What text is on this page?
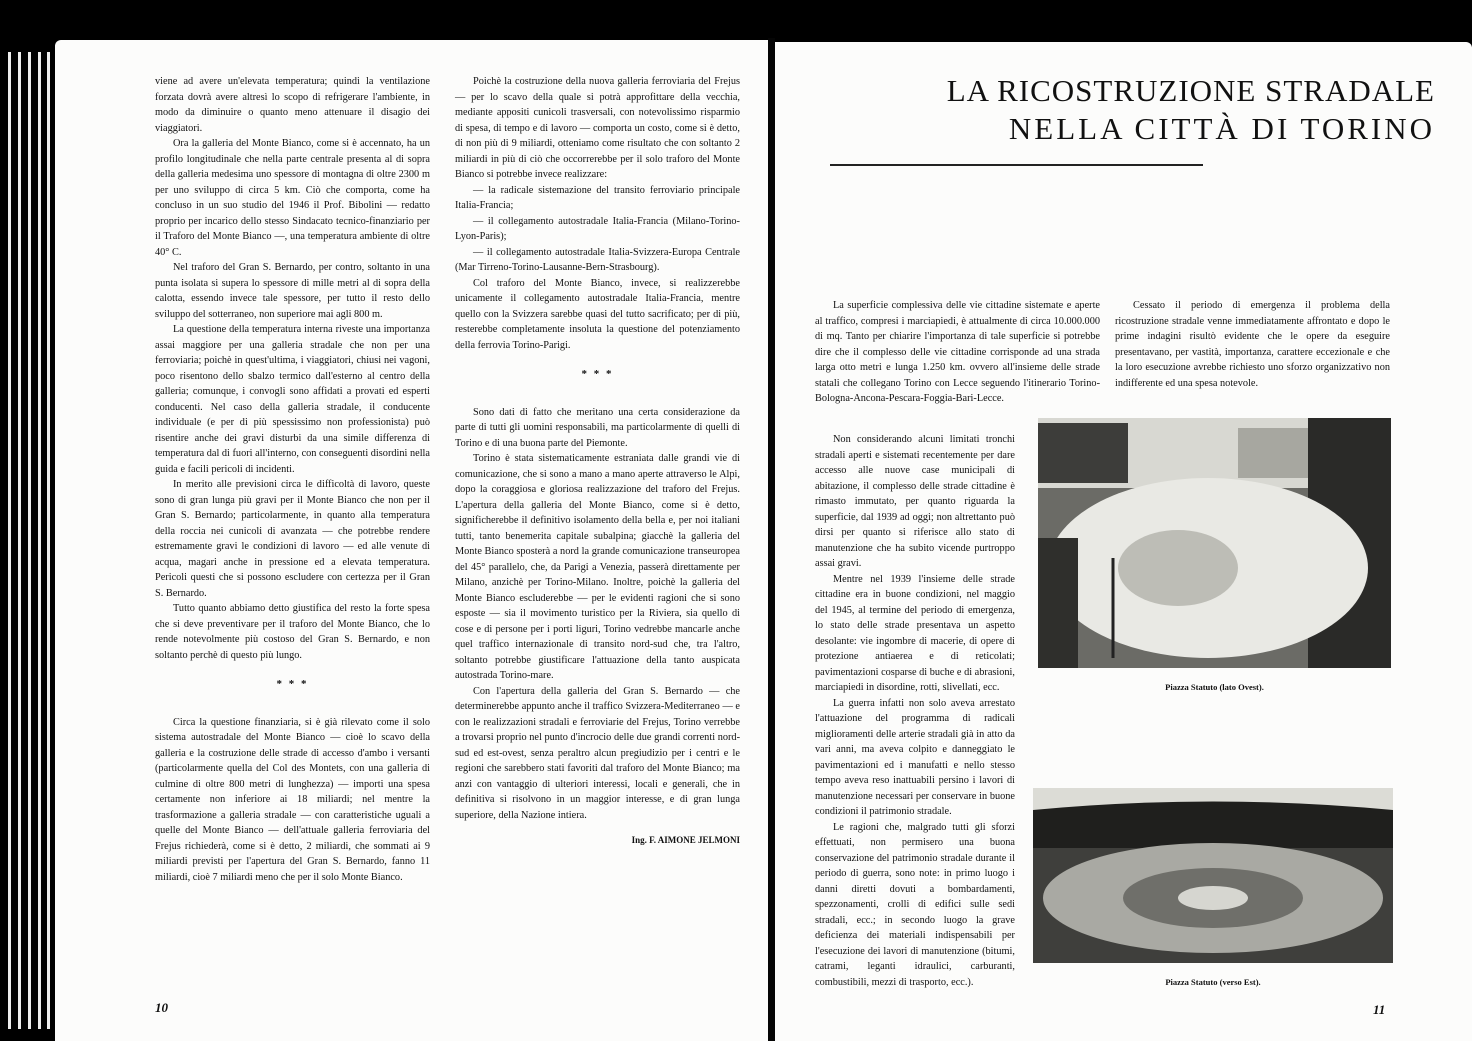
viene ad avere un'elevata temperatura; quindi la ventilazione forzata dovrà avere altresì lo scopo di refrigerare l'ambiente, in modo da diminuire o quanto meno attenuare il disagio dei viaggiatori.

Ora la galleria del Monte Bianco, come si è accennato, ha un profilo longitudinale che nella parte centrale presenta al di sopra della galleria medesima uno spessore di montagna di oltre 2300 m per uno sviluppo di circa 5 km. Ciò che comporta, come ha concluso in un suo studio del 1946 il Prof. Bibolini — redatto proprio per incarico dello stesso Sindacato tecnico-finanziario per il Traforo del Monte Bianco —, una temperatura ambiente di oltre 40° C.

Nel traforo del Gran S. Bernardo, per contro, soltanto in una punta isolata si supera lo spessore di mille metri al di sopra della calotta, essendo invece tale spessore, per tutto il resto dello sviluppo del sotterraneo, non superiore mai agli 800 m.

La questione della temperatura interna riveste una importanza assai maggiore per una galleria stradale che non per una ferroviaria; poichè in quest'ultima, i viaggiatori, chiusi nei vagoni, poco risentono dello sbalzo termico dall'esterno al centro della galleria; comunque, i convogli sono affidati a provati ed esperti conducenti. Nel caso della galleria stradale, il conducente individuale (e per di più spessissimo non professionista) può risentire anche dei gravi disturbi da una simile differenza di temperatura dal di fuori all'interno, con conseguenti disordini nella guida e facili pericoli di incidenti.

In merito alle previsioni circa le difficoltà di lavoro, queste sono di gran lunga più gravi per il Monte Bianco che non per il Gran S. Bernardo; particolarmente, in quanto alla temperatura della roccia nei cunicoli di avanzata — che potrebbe rendere estremamente gravi le condizioni di lavoro — ed alle venute di acqua, magari anche in pressione ed a elevata temperatura. Pericoli questi che si possono escludere con certezza per il Gran S. Bernardo.

Tutto quanto abbiamo detto giustifica del resto la forte spesa che si deve preventivare per il traforo del Monte Bianco, che lo rende notevolmente più costoso del Gran S. Bernardo, e non soltanto perchè di questo più lungo.

* * *

Circa la questione finanziaria, si è già rilevato come il solo sistema autostradale del Monte Bianco — cioè lo scavo della galleria e la costruzione delle strade di accesso d'ambo i versanti (particolarmente quella del Col des Montets, con una galleria di culmine di oltre 800 metri di lunghezza) — importi una spesa certamente non inferiore ai 18 miliardi; nel mentre la trasformazione a galleria stradale — con caratteristiche uguali a quelle del Monte Bianco — dell'attuale galleria ferroviaria del Frejus richiederà, come si è detto, 2 miliardi, che sommati ai 9 miliardi previsti per l'apertura del Gran S. Bernardo, fanno 11 miliardi, cioè 7 miliardi meno che per il solo Monte Bianco.

Poichè la costruzione della nuova galleria ferroviaria del Frejus — per lo scavo della quale si potrà approfittare della vecchia, mediante appositi cunicoli trasversali, con notevolissimo risparmio di spesa, di tempo e di lavoro — comporta un costo, come si è detto, di non più di 9 miliardi, otteniamo come risultato che con soltanto 2 miliardi in più di ciò che occorrerebbe per il solo traforo del Monte Bianco si potrebbe invece realizzare:

— la radicale sistemazione del transito ferroviario principale Italia-Francia;

— il collegamento autostradale Italia-Francia (Milano-Torino-Lyon-Paris);

— il collegamento autostradale Italia-Svizzera-Europa Centrale (Mar Tirreno-Torino-Lausanne-Bern-Strasbourg).

Col traforo del Monte Bianco, invece, si realizzerebbe unicamente il collegamento autostradale Italia-Francia, mentre quello con la Svizzera sarebbe quasi del tutto sacrificato; per di più, resterebbe completamente insoluta la questione del potenziamento della ferrovia Torino-Parigi.

* * *

Sono dati di fatto che meritano una certa considerazione da parte di tutti gli uomini responsabili, ma particolarmente di quelli di Torino e di una buona parte del Piemonte.

Torino è stata sistematicamente estraniata dalle grandi vie di comunicazione, che si sono a mano a mano aperte attraverso le Alpi, dopo la coraggiosa e gloriosa realizzazione del traforo del Frejus. L'apertura della galleria del Monte Bianco, come si è detto, significherebbe il definitivo isolamento della bella e, per noi italiani tutti, tanto benemerita capitale subalpina; giacchè la galleria del Monte Bianco sposterà a nord la grande comunicazione transeuropea del 45° parallelo, che, da Parigi a Venezia, passerà direttamente per Milano, anzichè per Torino-Milano. Inoltre, poichè la galleria del Monte Bianco escluderebbe — per le evidenti ragioni che si sono esposte — sia il movimento turistico per la Riviera, sia quello di cose e di persone per i porti liguri, Torino vedrebbe mancarle anche quel traffico internazionale di transito nord-sud che, tra l'altro, soltanto potrebbe giustificare l'attuazione della tanto auspicata autostrada Torino-mare.

Con l'apertura della galleria del Gran S. Bernardo — che determinerebbe appunto anche il traffico Svizzera-Mediterraneo — e con le realizzazioni stradali e ferroviarie del Frejus, Torino verrebbe a trovarsi proprio nel punto d'incrocio delle due grandi correnti nord-sud ed est-ovest, senza peraltro alcun pregiudizio per i centri e le regioni che sarebbero stati favoriti dal traforo del Monte Bianco; ma anzi con vantaggio di ulteriori interessi, locali e generali, che in definitiva si risolvono in un maggior interesse, e di gran lunga superiore, della Nazione intiera.

Ing. F. AIMONE JELMONI
10
LA RICOSTRUZIONE STRADALE
NELLA CITTÀ DI TORINO

La superficie complessiva delle vie cittadine sistemate e aperte al traffico, compresi i marciapiedi, è attualmente di circa 10.000.000 di mq. Tanto per chiarire l'importanza di tale superficie si potrebbe dire che il complesso delle vie cittadine corrisponde ad una strada larga otto metri e lunga 1.250 km. ovvero all'insieme delle strade statali che collegano Torino con Lecce seguendo l'itinerario Torino-Bologna-Ancona-Pescara-Foggia-Bari-Lecce.

Non considerando alcuni limitati tronchi stradali aperti e sistemati recentemente per dare accesso alle nuove case municipali di abitazione, il complesso delle strade cittadine è rimasto immutato, per quanto riguarda la superficie, dal 1939 ad oggi; non altrettanto può dirsi per quanto si riferisce allo stato di manutenzione che ha subito vicende purtroppo assai gravi.

Mentre nel 1939 l'insieme delle strade cittadine era in buone condizioni, nel maggio del 1945, al termine del periodo di emergenza, lo stato delle strade presentava un aspetto desolante: vie ingombre di macerie, di opere di protezione antiaerea e di reticolati; pavimentazioni cosparse di buche e di abrasioni, marciapiedi in disordine, rotti, slivellati, ecc.

La guerra infatti non solo aveva arrestato l'attuazione del programma di radicali miglioramenti delle arterie stradali già in atto da vari anni, ma aveva colpito e danneggiato le pavimentazioni ed i manufatti e nello stesso tempo aveva reso inattuabili persino i lavori di manutenzione necessari per conservare in buone condizioni il patrimonio stradale.

Le ragioni che, malgrado tutti gli sforzi effettuati, non permisero una buona conservazione del patrimonio stradale durante il periodo di guerra, sono note: in primo luogo i danni diretti dovuti a bombardamenti, spezzonamenti, crolli di edifici sulle sedi stradali, ecc.; in secondo luogo la grave deficienza dei materiali indispensabili per l'esecuzione dei lavori di manutenzione (bitumi, catrami, leganti idraulici, carburanti, combustibili, mezzi di trasporto, ecc.).

Cessato il periodo di emergenza il problema della ricostruzione stradale venne immediatamente affrontato e dopo le prime indagini risultò evidente che le opere da eseguire presentavano, per vastità, importanza, carattere eccezionale e che la loro esecuzione avrebbe richiesto uno sforzo organizzativo non indifferente ed una spesa notevole.

Piazza Statuto (lato Ovest).
Piazza Statuto (verso Est).
11
